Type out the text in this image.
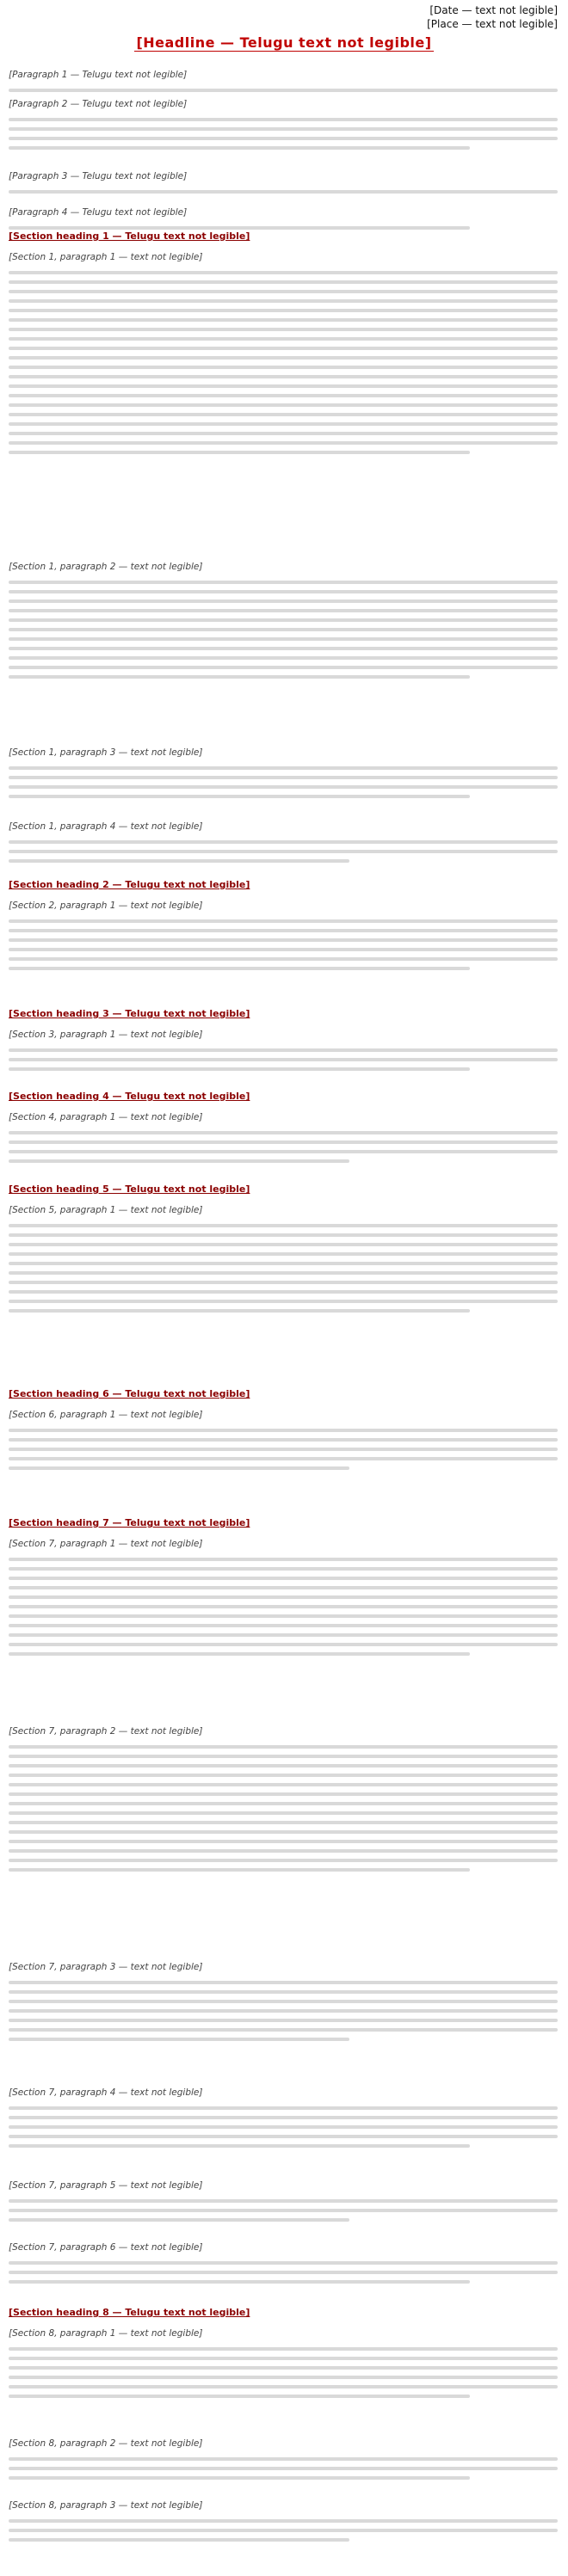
[Date — text not legible]
[Place — text not legible]
[Headline — Telugu text not legible]
[Paragraph 1 — Telugu text not legible]
[Paragraph 2 — Telugu text not legible]
[Paragraph 3 — Telugu text not legible]
[Paragraph 4 — Telugu text not legible]
[Section heading 1 — Telugu text not legible]
[Section 1, paragraph 1 — text not legible]
[Section 1, paragraph 2 — text not legible]
[Section 1, paragraph 3 — text not legible]
[Section 1, paragraph 4 — text not legible]
[Section heading 2 — Telugu text not legible]
[Section 2, paragraph 1 — text not legible]
[Section heading 3 — Telugu text not legible]
[Section 3, paragraph 1 — text not legible]
[Section heading 4 — Telugu text not legible]
[Section 4, paragraph 1 — text not legible]
[Section heading 5 — Telugu text not legible]
[Section 5, paragraph 1 — text not legible]
[Section heading 6 — Telugu text not legible]
[Section 6, paragraph 1 — text not legible]
[Section heading 7 — Telugu text not legible]
[Section 7, paragraph 1 — text not legible]
[Section 7, paragraph 2 — text not legible]
[Section 7, paragraph 3 — text not legible]
[Section 7, paragraph 4 — text not legible]
[Section 7, paragraph 5 — text not legible]
[Section 7, paragraph 6 — text not legible]
[Section heading 8 — Telugu text not legible]
[Section 8, paragraph 1 — text not legible]
[Section 8, paragraph 2 — text not legible]
[Section 8, paragraph 3 — text not legible]
